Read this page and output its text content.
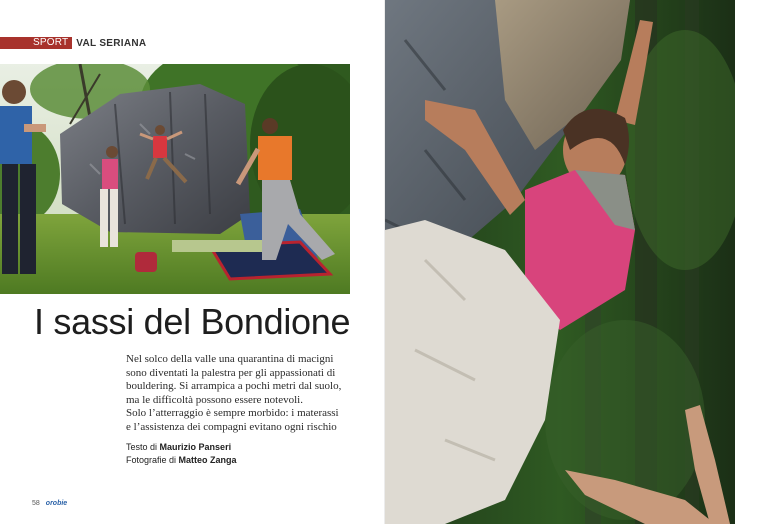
SPORT VAL SERIANA
I sassi del Bondione

Nel solco della valle una quarantina di macigni
sono diventati la palestra per gli appassionati di
bouldering. Si arrampica a pochi metri dal suolo,
ma le difficoltà possono essere notevoli.
Solo l’atterraggio è sempre morbido: i materassi
e l’assistenza dei compagni evitano ogni rischio

Testo di Maurizio Panseri
Fotografie di Matteo Zanga
58 orobie
